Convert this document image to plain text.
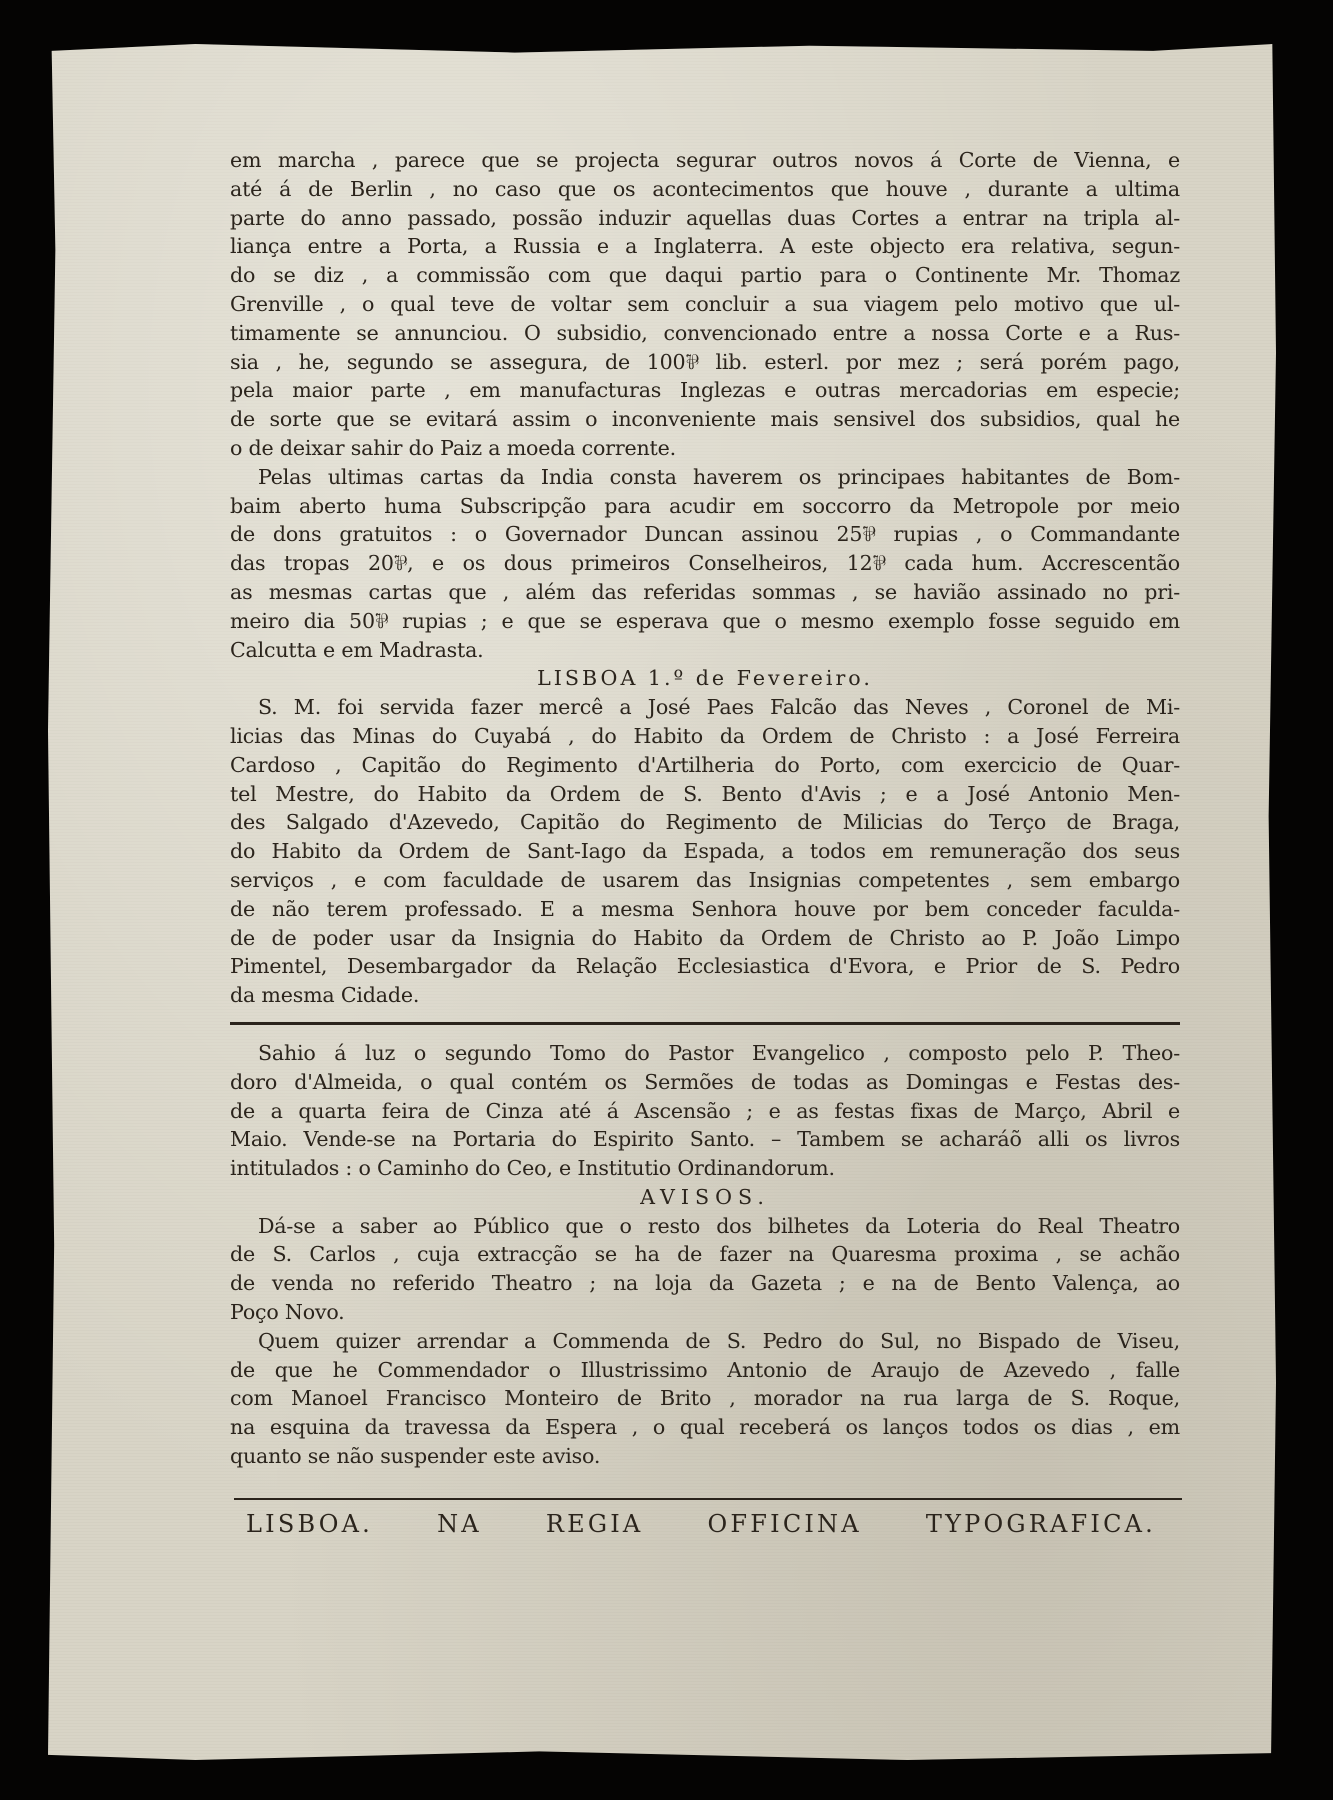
em marcha , parece que se projecta segurar outros novos á Corte de Vienna, e
até á de Berlin , no caso que os acontecimentos que houve , durante a ultima
parte do anno passado, possão induzir aquellas duas Cortes a entrar na tripla al-
liança entre a Porta, a Russia e a Inglaterra. A este objecto era relativa, segun-
do se diz , a commissão com que daqui partio para o Continente Mr. Thomaz
Grenville , o qual teve de voltar sem concluir a sua viagem pelo motivo que ul-
timamente se annunciou. O subsidio, convencionado entre a nossa Corte e a Rus-
sia , he, segundo se assegura, de 100⅌ lib. esterl. por mez ; será porém pago,
pela maior parte , em manufacturas Inglezas e outras mercadorias em especie;
de sorte que se evitará assim o inconveniente mais sensivel dos subsidios, qual he
o de deixar sahir do Paiz a moeda corrente.
Pelas ultimas cartas da India consta haverem os principaes habitantes de Bom-
baim aberto huma Subscripção para acudir em soccorro da Metropole por meio
de dons gratuitos : o Governador Duncan assinou 25⅌ rupias , o Commandante
das tropas 20⅌, e os dous primeiros Conselheiros, 12⅌ cada hum. Accrescentão
as mesmas cartas que , além das referidas sommas , se havião assinado no pri-
meiro dia 50⅌ rupias ; e que se esperava que o mesmo exemplo fosse seguido em
Calcutta e em Madrasta.
LISBOA 1.º de Fevereiro.
S. M. foi servida fazer mercê a José Paes Falcão das Neves , Coronel de Mi-
licias das Minas do Cuyabá , do Habito da Ordem de Christo : a José Ferreira
Cardoso , Capitão do Regimento d'Artilheria do Porto, com exercicio de Quar-
tel Mestre, do Habito da Ordem de S. Bento d'Avis ; e a José Antonio Men-
des Salgado d'Azevedo, Capitão do Regimento de Milicias do Terço de Braga,
do Habito da Ordem de Sant-Iago da Espada, a todos em remuneração dos seus
serviços , e com faculdade de usarem das Insignias competentes , sem embargo
de não terem professado. E a mesma Senhora houve por bem conceder faculda-
de de poder usar da Insignia do Habito da Ordem de Christo ao P. João Limpo
Pimentel, Desembargador da Relação Ecclesiastica d'Evora, e Prior de S. Pedro
da mesma Cidade.
Sahio á luz o segundo Tomo do Pastor Evangelico , composto pelo P. Theo-
doro d'Almeida, o qual contém os Sermões de todas as Domingas e Festas des-
de a quarta feira de Cinza até á Ascensão ; e as festas fixas de Março, Abril e
Maio. Vende-se na Portaria do Espirito Santo. – Tambem se acharáõ alli os livros
intitulados : o Caminho do Ceo, e Institutio Ordinandorum.
AVISOS.
Dá-se a saber ao Público que o resto dos bilhetes da Loteria do Real Theatro
de S. Carlos , cuja extracção se ha de fazer na Quaresma proxima , se achão
de venda no referido Theatro ; na loja da Gazeta ; e na de Bento Valença, ao
Poço Novo.
Quem quizer arrendar a Commenda de S. Pedro do Sul, no Bispado de Viseu,
de que he Commendador o Illustrissimo Antonio de Araujo de Azevedo , falle
com Manoel Francisco Monteiro de Brito , morador na rua larga de S. Roque,
na esquina da travessa da Espera , o qual receberá os lanços todos os dias , em
quanto se não suspender este aviso.
LISBOA. NA REGIA OFFICINA TYPOGRAFICA.
